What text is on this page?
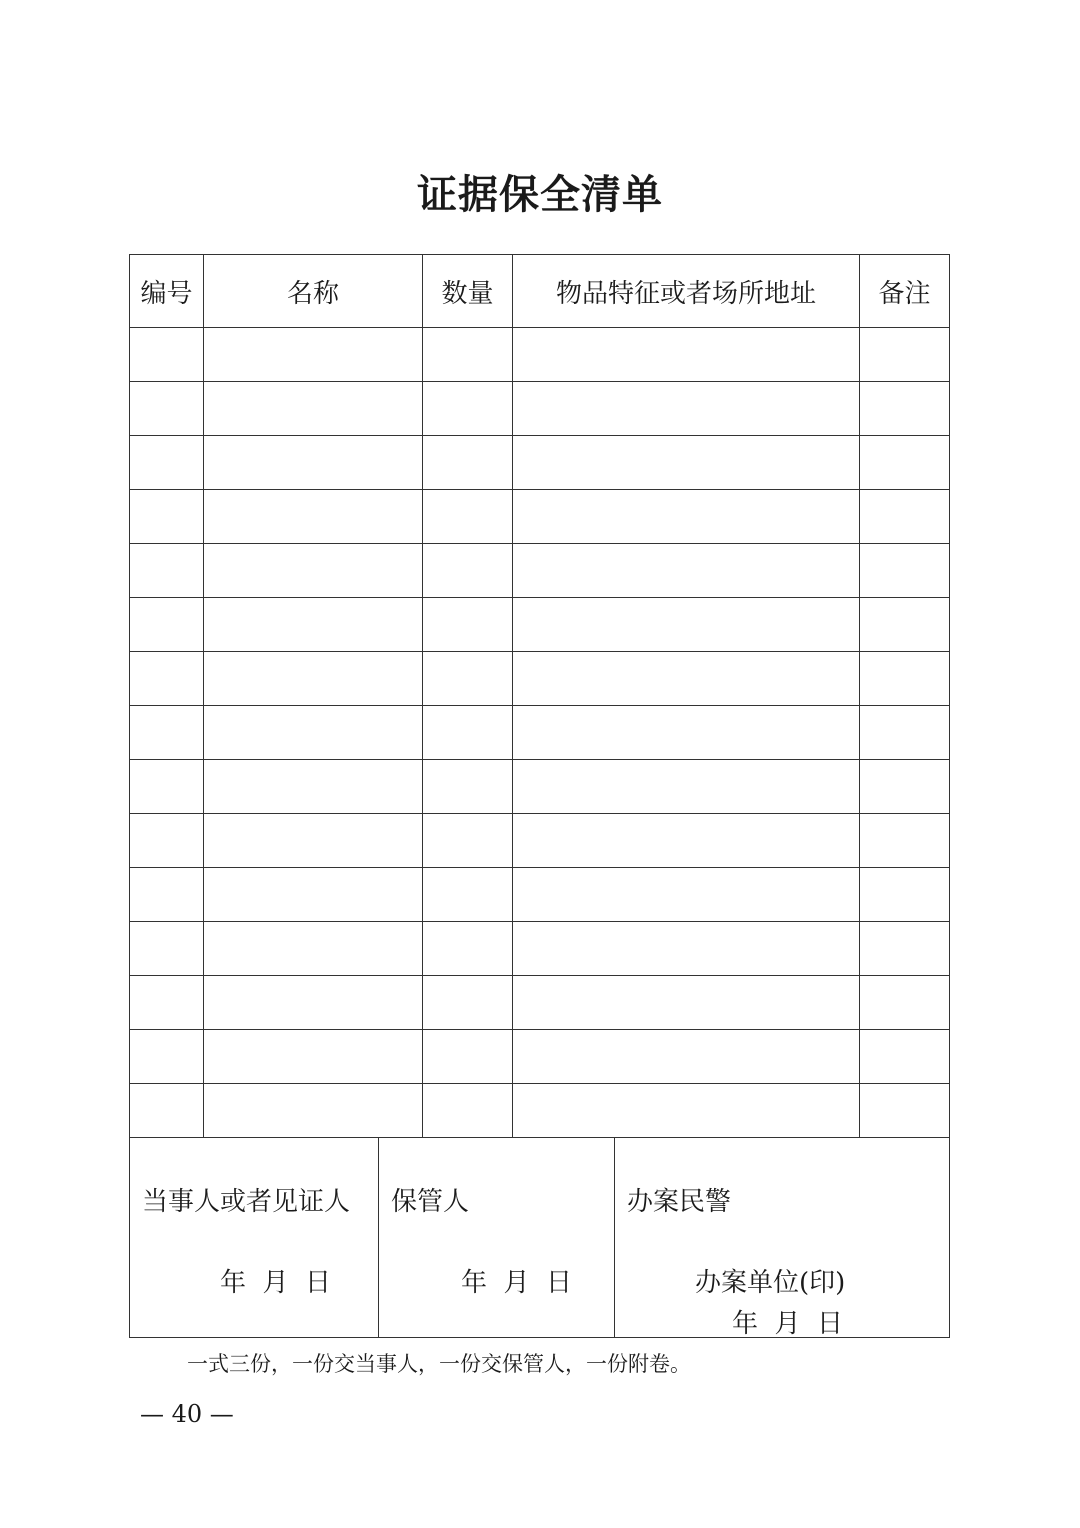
证据保全清单
编号	名称	数量	物品特征或者场所地址	备注

当事人或者见证人
年  月  日

保管人
年  月  日

办案民警
办案单位(印)
年  月  日
一式三份，一份交当事人，一份交保管人，一份附卷。
— 40 —
